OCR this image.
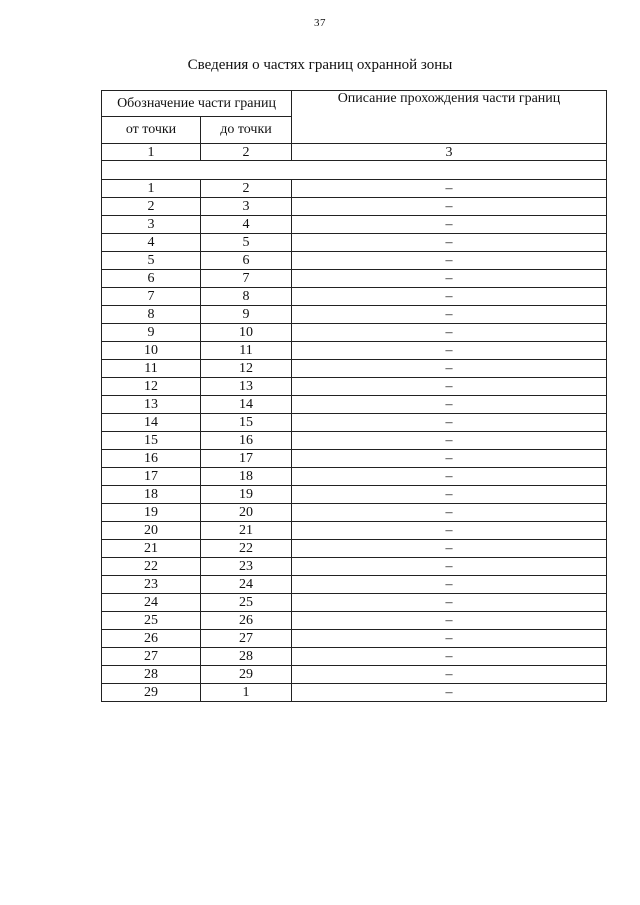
37
Сведения о частях границ охранной зоны
Обозначение части границ		Описание прохождения части границ
от точки	до точки	
1	2	3

1	2	–
2	3	–
3	4	–
4	5	–
5	6	–
6	7	–
7	8	–
8	9	–
9	10	–
10	11	–
11	12	–
12	13	–
13	14	–
14	15	–
15	16	–
16	17	–
17	18	–
18	19	–
19	20	–
20	21	–
21	22	–
22	23	–
23	24	–
24	25	–
25	26	–
26	27	–
27	28	–
28	29	–
29	1	–
